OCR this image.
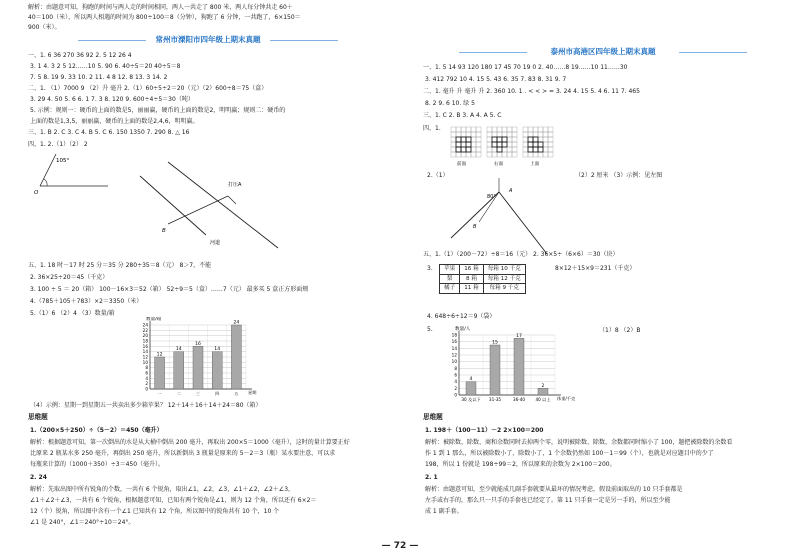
解析：由题意可知，狗跑的时间与两人走的时间相同，两人一共走了 800 米，两人每分钟共走 60＋
40＝100（米），所以两人相遇的时间为 800÷100＝8（分钟），狗跑了 6 分钟，一共跑了，6×150＝
900（米）。
常州市溧阳市四年级上期末真题
一、1. 6 36 270 36 92 2. 5 12 26 4
3. 1 4. 3 2 5 12……10 5. 90 6. 40÷5＝20 40÷5＝8
7. 5 8. 19 9. 33 10. 2 11. 4 8 12. 8 13. 3 14. 2
二、1. （1）7000 9 （2）升 毫升 2.（1）60÷5÷2＝20（元）（2）600÷8＝75（盒）
3. 29 4. 50 5. 6 6. 1 7. 3 8. 120 9. 600÷4÷5＝30（吨）
5. 示例：规则一：硬币的上面的数是5，丽丽赢，硬币的上面的数是2，明明赢；规则二：硬币的
上面的数是1,3,5，丽丽赢，硬币的上面的数是2,4,6，明明赢。
三、1. B 2. C 3. C 4. B 5. C 6. 150 1350 7. 290 8. △ 16
四、1. 2.（1）（2） 2
105°
O
打压A
B
河道
五、1. 18 时－17 时 25 分＝35 分 280÷35＝8（元） 8＞7，不能
2. 36×25÷20＝45（千克）
3. 100 ÷ 5 ＝ 20（箱） 100－16×3＝52（箱） 52÷9＝5（盒）……7（元） 最多买 5 盒正方形面颊
4.（785＋105＋783）×2＝3350（米）
5.（1）6 （2）4 （3）数量/箱
0
2
4
6
8
10
12
14
16
18
20
22
24
数量/箱
星期
12
一
14
二
16
三
14
四
24
五
（4）示例：星期一到星期五一共卖出多少箱苹果？ 12＋14＋16＋14＋24＝80（箱）
思维题
1.（200×5＋250）÷（5－2）＝450（毫升）
解析：根据题意可知，第一次倒出的水是从大桶中倒出 200 毫升，再取出 200×5＝1000（毫升），这时的量计算要正好
比原来 2 瓶某水多 250 毫升，再倒出 250 毫升，所以新倒出 3 瓶量是原来的 5－2＝3（瓶）某水要注意，可以求
每瓶来计算的（1000＋350）÷3＝450（毫升）。
2. 24
解析：先取出图中所有锐角的个数，一共有 6 个锐角，取出∠1，∠2，∠3，∠1＋∠2，∠2＋∠3，
∠1＋∠2＋∠3，一共有 6 个锐角，根据题意可知，已知有两个锐角是∠1，则为 12 个角，所以还有 6×2＝
12（个）锐角，所以图中含有一个∠1 已知共有 12 个角，所以图中的锐角共有 10 个，10 个
∠1 是 240°，∠1＝240°÷10＝24°。
泰州市高港区四年级上期末真题
一、1. 5 14 93 120 180 17 45 70 19 0 2. 40……8 19……10 11……30
3. 412 792 10 4. 15 5. 43 6. 35 7. 83 8. 31 9. 7
二、1. 毫升 升 毫升 升 2. 360 10. 1 . < < > = 3. 24 4. 15 5. 4 6. 11 7. 465
8. 2 9. 6 10. 绿 5
三、1. C 2. B 3. A 4. A 5. C
四、1.
前面	右面	上面
2.（1）	（2）2 厘米 （3）示例：见左图
80°
A
B
五、1.（1）（200－72）÷8＝16（元） 2. 36×5÷（6×6）＝30（块）
3. 苹果	16 箱	每箱 10 千克
梨	8 箱	每箱 12 千克
橘子	11 箱	每箱 9 千克
8×12＋15×9＝231（千克）
4. 648÷6÷12＝9（袋）
5.
0
2
4
6
8
10
12
14
16
18
数量/人
体重/千克
4
30 及以下
15
31-35
17
36-40
2
40 以上
（1）8 （2）B
思维题
1. 198＋（100－11）－2 2×100＝200
解析：被除数、除数、商和余数同时去掉两个零，说明被除数、除数、余数都同时缩小了 100，题把被除数的余数看
作 1 到 1 那么，所以被除数小了，除数小了，1 个余数仍然如 100－1＝99（个），也就是对应题目中的少了
198，所以 1 份就是 198÷99＝2，所以原来的余数为 2×100＝200。
2. 1
解析：由题意可知，至少就能成几副手套就要从最坏的情况考虑，假设前面取出的 10 只手套都是
左手或右手的，那么只一只手的手套也已经定了。第 11 只手套一定是另一手的，所以至少能
成 1 副手套。
— 72 —
